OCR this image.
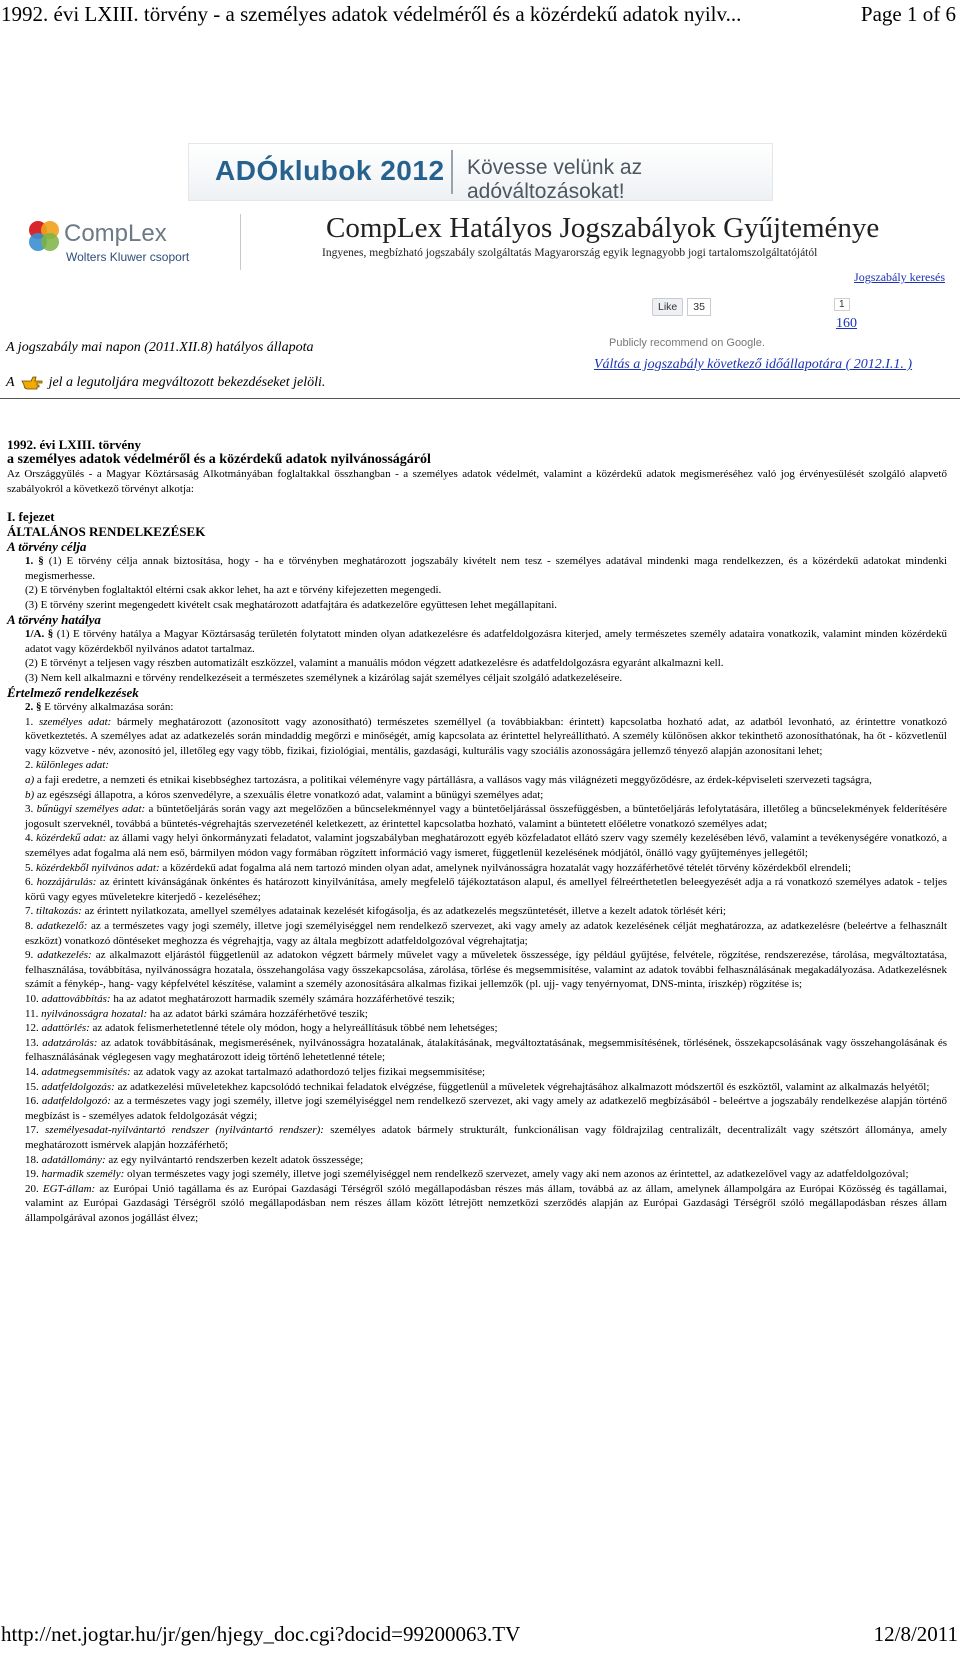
1992. évi LXIII. törvény - a személyes adatok védelméről és a közérdekű adatok nyilv...	Page 1 of 6
ADÓklubok 2012 Kövesse velünk az adóváltozásokat!
CompLex
Wolters Kluwer csoport
CompLex Hatályos Jogszabályok Gyűjteménye
Ingyenes, megbízható jogszabály szolgáltatás Magyarország egyik legnagyobb jogi tartalomszolgáltatójától
Jogszabály keresés
Like	35	1
160
Publicly recommend on Google.
A jogszabály mai napon (2011.XII.8) hatályos állapota
Váltás a jogszabály következő időállapotára ( 2012.I.1. )
A jel a legutoljára megváltozott bekezdéseket jelöli.

1992. évi LXIII. törvény

a személyes adatok védelméről és a közérdekű adatok nyilvánosságáról

Az Országgyűlés - a Magyar Köztársaság Alkotmányában foglaltakkal összhangban - a személyes adatok védelmét, valamint a közérdekű adatok megismeréséhez való jog érvényesülését szolgáló alapvető szabályokról a következő törvényt alkotja:

I. fejezet

ÁLTALÁNOS RENDELKEZÉSEK

A törvény célja

1. § (1) E törvény célja annak biztosítása, hogy - ha e törvényben meghatározott jogszabály kivételt nem tesz - személyes adatával mindenki maga rendelkezzen, és a közérdekű adatokat mindenki megismerhesse.

(2) E törvényben foglaltaktól eltérni csak akkor lehet, ha azt e törvény kifejezetten megengedi.

(3) E törvény szerint megengedett kivételt csak meghatározott adatfajtára és adatkezelőre együttesen lehet megállapítani.

A törvény hatálya

1/A. § (1) E törvény hatálya a Magyar Köztársaság területén folytatott minden olyan adatkezelésre és adatfeldolgozásra kiterjed, amely természetes személy adataira vonatkozik, valamint minden közérdekű adatot vagy közérdekből nyilvános adatot tartalmaz.

(2) E törvényt a teljesen vagy részben automatizált eszközzel, valamint a manuális módon végzett adatkezelésre és adatfeldolgozásra egyaránt alkalmazni kell.

(3) Nem kell alkalmazni e törvény rendelkezéseit a természetes személynek a kizárólag saját személyes céljait szolgáló adatkezeléseire.

Értelmező rendelkezések

2. § E törvény alkalmazása során:
1. személyes adat: bármely meghatározott (azonosított vagy azonosítható) természetes személlyel (a továbbiakban: érintett) kapcsolatba hozható adat, az adatból levonható, az érintettre vonatkozó következtetés. A személyes adat az adatkezelés során mindaddig megőrzi e minőségét, amíg kapcsolata az érintettel helyreállítható. A személy különösen akkor tekinthető azonosíthatónak, ha őt - közvetlenül vagy közvetve - név, azonosító jel, illetőleg egy vagy több, fizikai, fiziológiai, mentális, gazdasági, kulturális vagy szociális azonosságára jellemző tényező alapján azonosítani lehet;
2. különleges adat:
a) a faji eredetre, a nemzeti és etnikai kisebbséghez tartozásra, a politikai véleményre vagy pártállásra, a vallásos vagy más világnézeti meggyőződésre, az érdek-képviseleti szervezeti tagságra,
b) az egészségi állapotra, a kóros szenvedélyre, a szexuális életre vonatkozó adat, valamint a bűnügyi személyes adat;
3. bűnügyi személyes adat: a büntetőeljárás során vagy azt megelőzően a bűncselekménnyel vagy a büntetőeljárással összefüggésben, a büntetőeljárás lefolytatására, illetőleg a bűncselekmények felderítésére jogosult szerveknél, továbbá a büntetés-végrehajtás szervezeténél keletkezett, az érintettel kapcsolatba hozható, valamint a büntetett előéletre vonatkozó személyes adat;
4. közérdekű adat: az állami vagy helyi önkormányzati feladatot, valamint jogszabályban meghatározott egyéb közfeladatot ellátó szerv vagy személy kezelésében lévő, valamint a tevékenységére vonatkozó, a személyes adat fogalma alá nem eső, bármilyen módon vagy formában rögzített információ vagy ismeret, függetlenül kezelésének módjától, önálló vagy gyűjteményes jellegétől;
5. közérdekből nyilvános adat: a közérdekű adat fogalma alá nem tartozó minden olyan adat, amelynek nyilvánosságra hozatalát vagy hozzáférhetővé tételét törvény közérdekből elrendeli;
6. hozzájárulás: az érintett kívánságának önkéntes és határozott kinyilvánítása, amely megfelelő tájékoztatáson alapul, és amellyel félreérthetetlen beleegyezését adja a rá vonatkozó személyes adatok - teljes körű vagy egyes műveletekre kiterjedő - kezeléséhez;
7. tiltakozás: az érintett nyilatkozata, amellyel személyes adatainak kezelését kifogásolja, és az adatkezelés megszüntetését, illetve a kezelt adatok törlését kéri;
8. adatkezelő: az a természetes vagy jogi személy, illetve jogi személyiséggel nem rendelkező szervezet, aki vagy amely az adatok kezelésének célját meghatározza, az adatkezelésre (beleértve a felhasznált eszközt) vonatkozó döntéseket meghozza és végrehajtja, vagy az általa megbízott adatfeldolgozóval végrehajtatja;
9. adatkezelés: az alkalmazott eljárástól függetlenül az adatokon végzett bármely művelet vagy a műveletek összessége, így például gyűjtése, felvétele, rögzítése, rendszerezése, tárolása, megváltoztatása, felhasználása, továbbítása, nyilvánosságra hozatala, összehangolása vagy összekapcsolása, zárolása, törlése és megsemmisítése, valamint az adatok további felhasználásának megakadályozása. Adatkezelésnek számít a fénykép-, hang- vagy képfelvétel készítése, valamint a személy azonosítására alkalmas fizikai jellemzők (pl. ujj- vagy tenyérnyomat, DNS-minta, íriszkép) rögzítése is;
10. adattovábbítás: ha az adatot meghatározott harmadik személy számára hozzáférhetővé teszik;
11. nyilvánosságra hozatal: ha az adatot bárki számára hozzáférhetővé teszik;
12. adattörlés: az adatok felismerhetetlenné tétele oly módon, hogy a helyreállításuk többé nem lehetséges;
13. adatzárolás: az adatok továbbításának, megismerésének, nyilvánosságra hozatalának, átalakításának, megváltoztatásának, megsemmisítésének, törlésének, összekapcsolásának vagy összehangolásának és felhasználásának véglegesen vagy meghatározott ideig történő lehetetlenné tétele;
14. adatmegsemmisítés: az adatok vagy az azokat tartalmazó adathordozó teljes fizikai megsemmisítése;
15. adatfeldolgozás: az adatkezelési műveletekhez kapcsolódó technikai feladatok elvégzése, függetlenül a műveletek végrehajtásához alkalmazott módszertől és eszköztől, valamint az alkalmazás helyétől;
16. adatfeldolgozó: az a természetes vagy jogi személy, illetve jogi személyiséggel nem rendelkező szervezet, aki vagy amely az adatkezelő megbízásából - beleértve a jogszabály rendelkezése alapján történő megbízást is - személyes adatok feldolgozását végzi;
17. személyesadat-nyilvántartó rendszer (nyilvántartó rendszer): személyes adatok bármely strukturált, funkcionálisan vagy földrajzilag centralizált, decentralizált vagy szétszórt állománya, amely meghatározott ismérvek alapján hozzáférhető;
18. adatállomány: az egy nyilvántartó rendszerben kezelt adatok összessége;
19. harmadik személy: olyan természetes vagy jogi személy, illetve jogi személyiséggel nem rendelkező szervezet, amely vagy aki nem azonos az érintettel, az adatkezelővel vagy az adatfeldolgozóval;
20. EGT-állam: az Európai Unió tagállama és az Európai Gazdasági Térségről szóló megállapodásban részes más állam, továbbá az az állam, amelynek állampolgára az Európai Közösség és tagállamai, valamint az Európai Gazdasági Térségről szóló megállapodásban nem részes állam között létrejött nemzetközi szerződés alapján az Európai Gazdasági Térségről szóló megállapodásban részes állam állampolgárával azonos jogállást élvez;
http://net.jogtar.hu/jr/gen/hjegy_doc.cgi?docid=99200063.TV	12/8/2011
